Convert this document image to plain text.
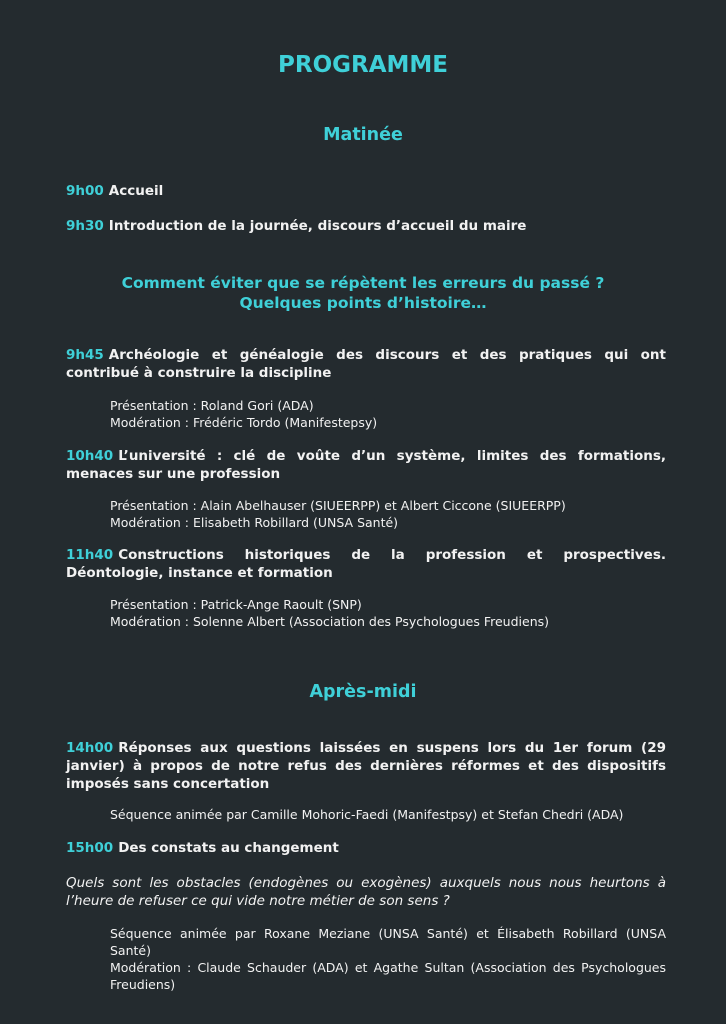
PROGRAMME
Matinée
9h00 Accueil
9h30 Introduction de la journée, discours d’accueil du maire
Comment éviter que se répètent les erreurs du passé ?
Quelques points d’histoire…
9h45 Archéologie et généalogie des discours et des pratiques qui ont contribué à construire la discipline
Présentation : Roland Gori (ADA)
Modération : Frédéric Tordo (Manifestepsy)
10h40 L’université : clé de voûte d’un système, limites des formations, menaces sur une profession
Présentation : Alain Abelhauser (SIUEERPP) et Albert Ciccone (SIUEERPP)
Modération : Elisabeth Robillard (UNSA Santé)
11h40 Constructions historiques de la profession et prospectives. Déontologie, instance et formation
Présentation : Patrick-Ange Raoult (SNP)
Modération : Solenne Albert (Association des Psychologues Freudiens)
Après-midi
14h00 Réponses aux questions laissées en suspens lors du 1er forum (29 janvier) à propos de notre refus des dernières réformes et des dispositifs imposés sans concertation
Séquence animée par Camille Mohoric-Faedi (Manifestpsy) et Stefan Chedri (ADA)
15h00 Des constats au changement
Quels sont les obstacles (endogènes ou exogènes) auxquels nous nous heurtons à l’heure de refuser ce qui vide notre métier de son sens ?
Séquence animée par Roxane Meziane (UNSA Santé) et Élisabeth Robillard (UNSA Santé)
Modération : Claude Schauder (ADA) et Agathe Sultan (Association des Psychologues Freudiens)
